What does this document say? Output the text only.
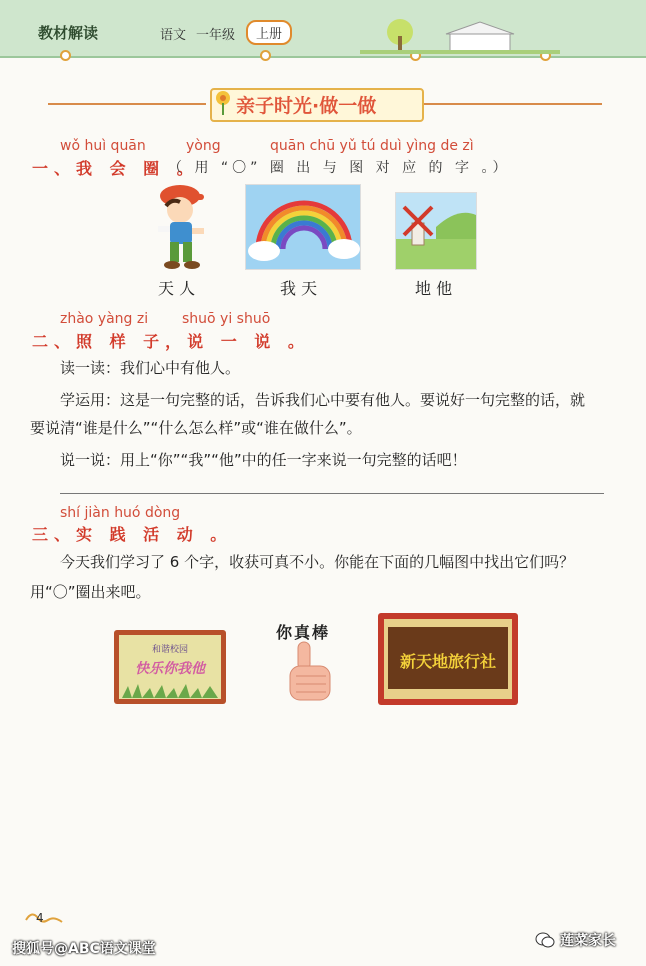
教材解读	语文 一年级	上册
亲子时光·做一做
wǒ huì quān	yòng	quān chū yǔ tú duì yìng de zì
一、我 会 圈 。
（ 用 “〇” 圈 出 与 图 对 应 的 字 。）
天 人	我 天	地 他
zhào yàng zi shuō yi shuō
二、照 样 子，说 一 说 。
读一读：我们心中有他人。
学运用：这是一句完整的话，告诉我们心中要有他人。要说好一句完整的话，就
要说清“谁是什么”“什么怎么样”或“谁在做什么”。
说一说：用上“你”“我”“他”中的任一字来说一句完整的话吧！
shí jiàn huó dòng
三、实 践 活 动 。
今天我们学习了 6 个字，收获可真不小。你能在下面的几幅图中找出它们吗？
用“〇”圈出来吧。
和谐校园
快乐你我他
你真棒
新天地旅行社
4
搜狐号@ABC语文课堂	莲菜家长
